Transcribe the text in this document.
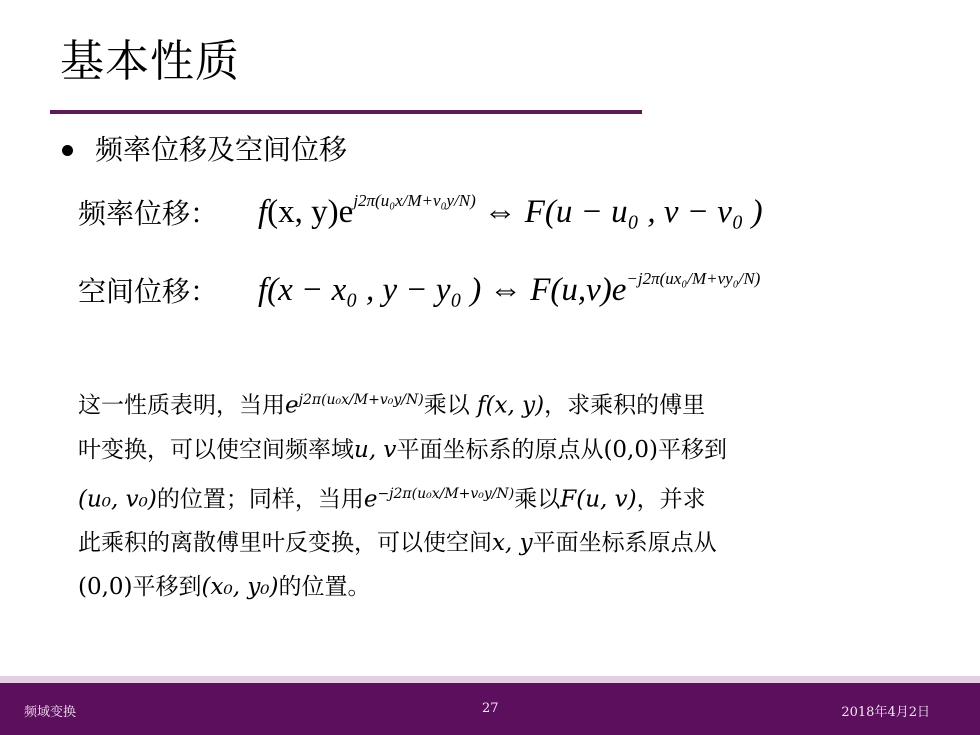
基本性质
频率位移及空间位移
频率位移：	f(x, $y)e^{j2\pi(u_0x/M+v_0y/N)}$ ⇔ F(u − u₀ , v − v₀ )
空间位移：	f(x − x₀ , y − y₀ ) ⇔ $F(u,v)e^{-j2\pi(ux_0/M+vy_0/N)}$
这一性质表明，当用$e^{j2\pi(u_0x/M+v_0y/N)}$乘以 f(x, y)，求乘积的傅里
叶变换，可以使空间频率域u, v平面坐标系的原点从(0,0)平移到
(u₀, v₀)的位置；同样，当用$e^{-j2\pi(u_0x/M+v_0y/N)}$乘以F(u, v)，并求
此乘积的离散傅里叶反变换，可以使空间x, y平面坐标系原点从
(0,0)平移到(x₀, y₀)的位置。
频域变换	27	2018年4月2日
